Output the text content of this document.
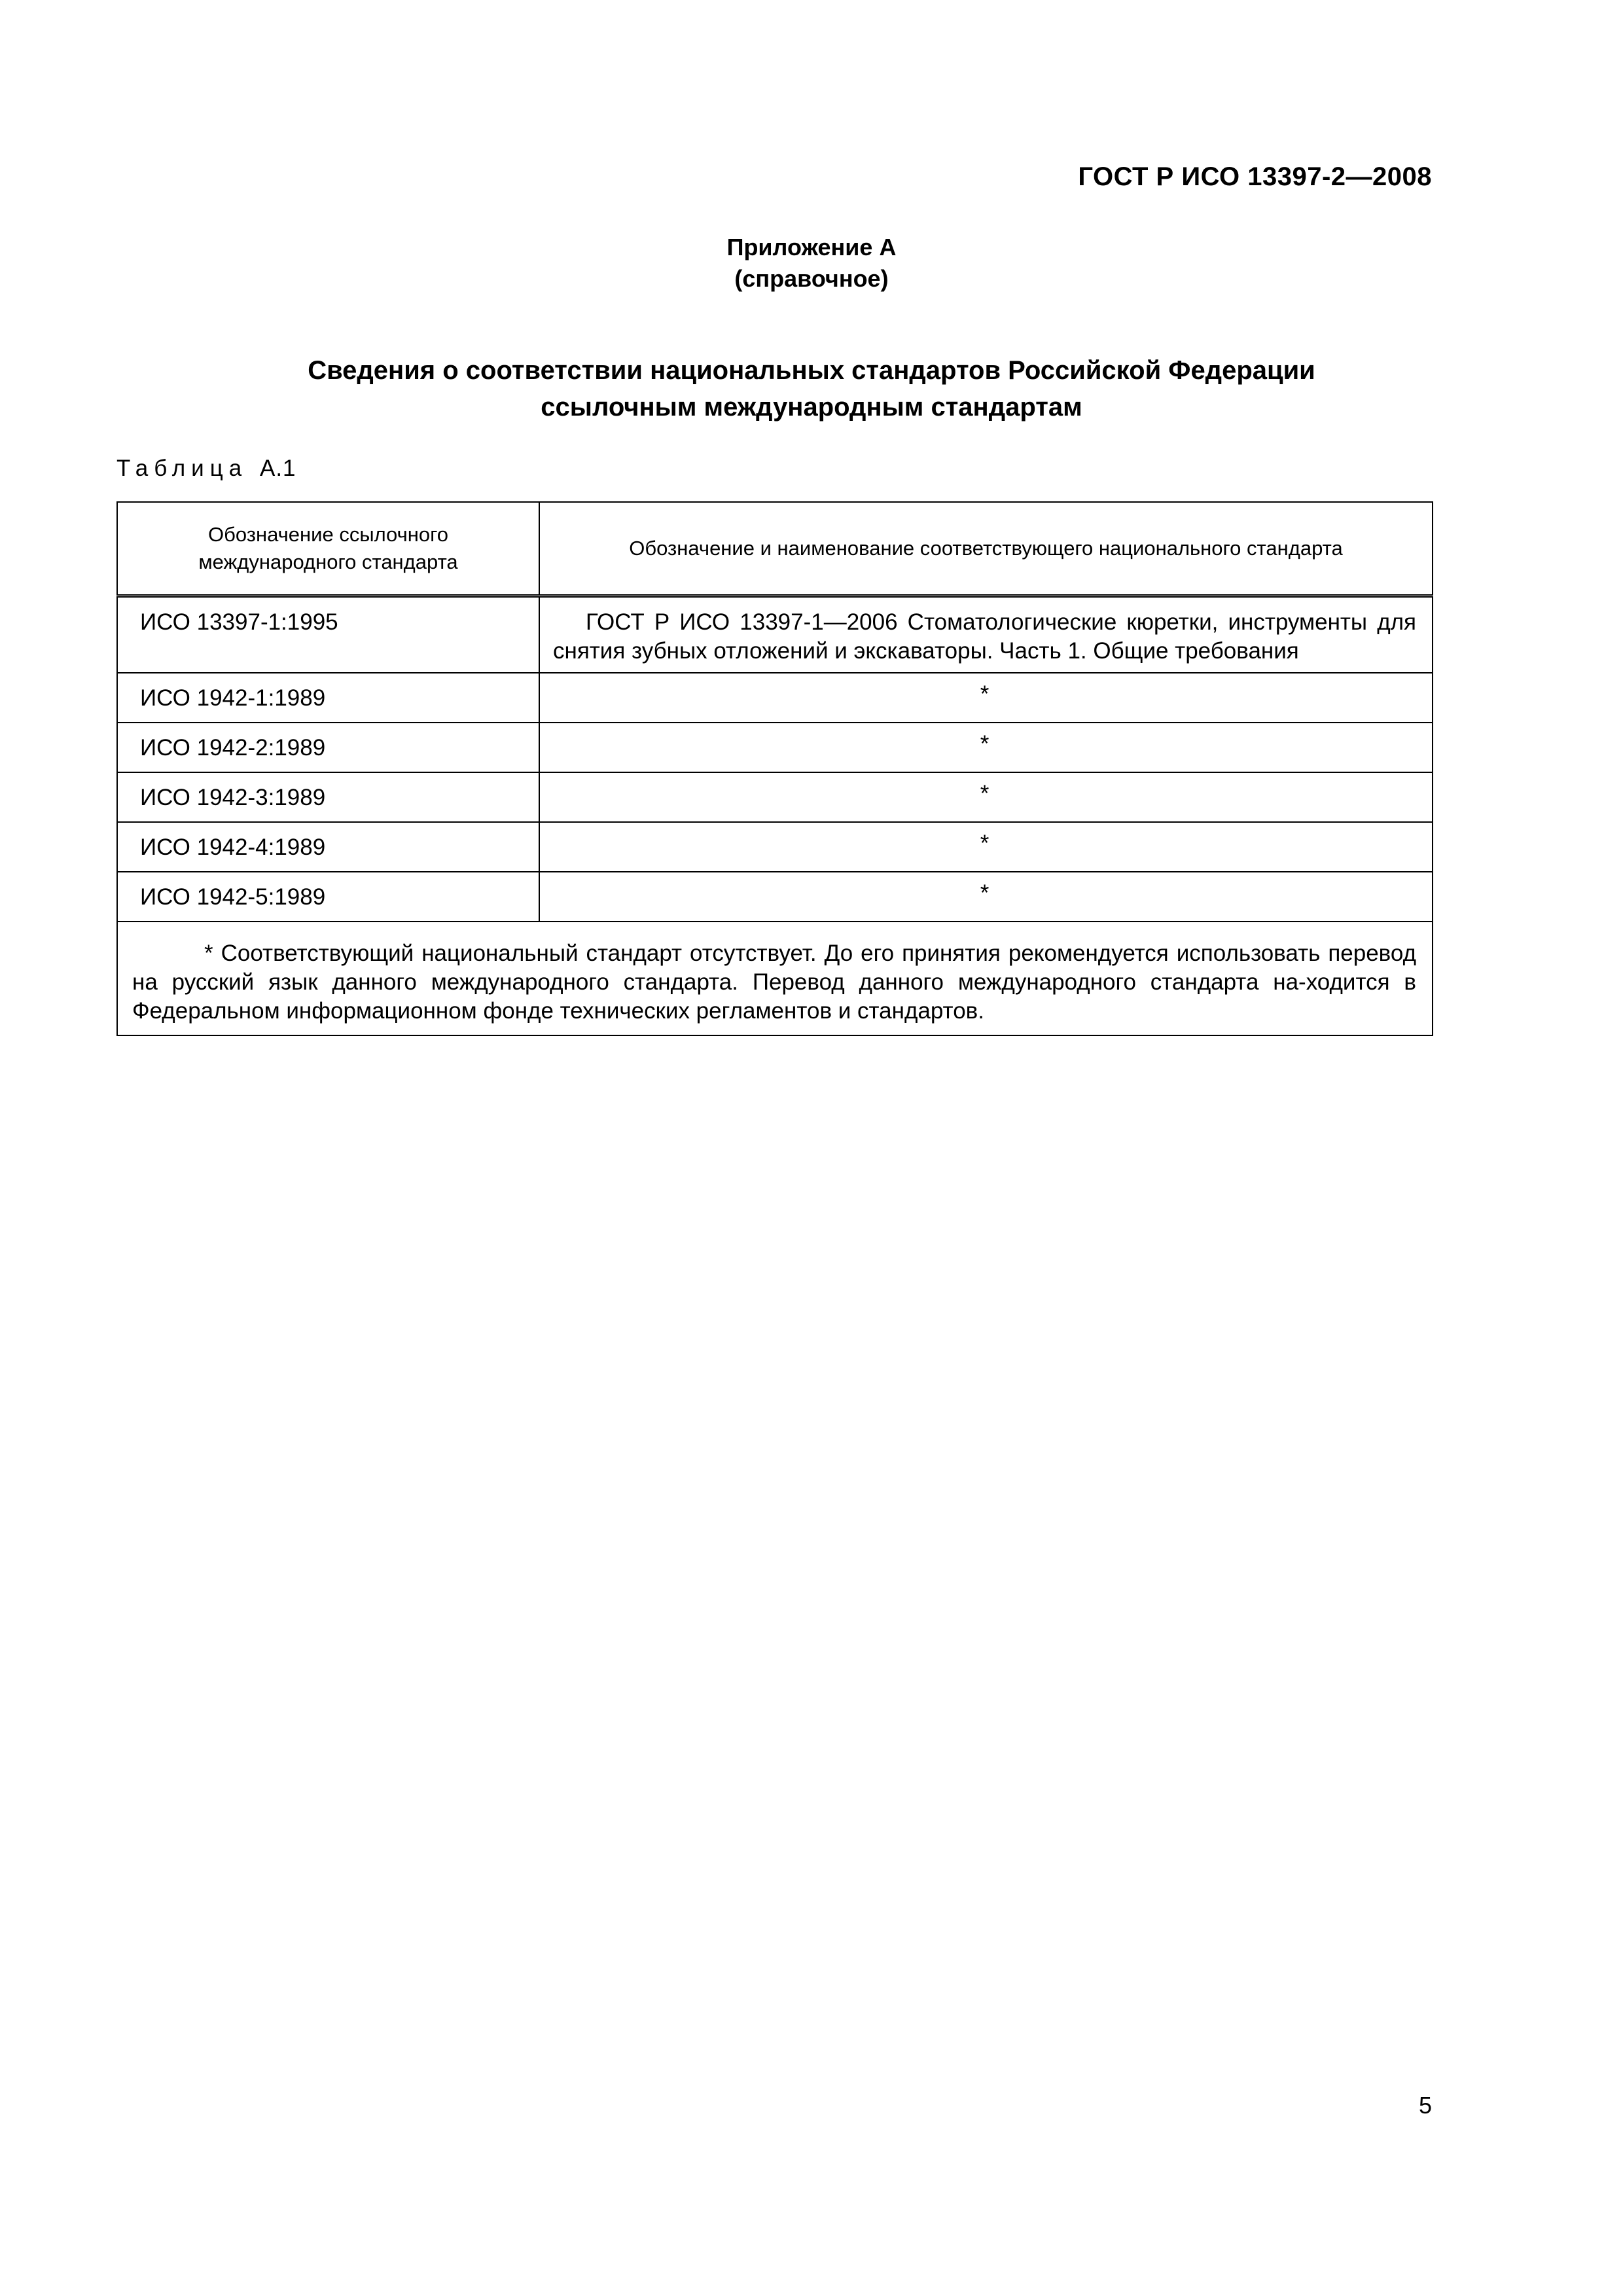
ГОСТ Р ИСО 13397-2—2008
Приложение А
(справочное)
Сведения о соответствии национальных стандартов Российской Федерации
ссылочным международным стандартам
Таблица А.1
Обозначение ссылочного
международного стандарта	Обозначение и наименование соответствующего национального стандарта

ИСО 13397-1:1995	ГОСТ Р ИСО 13397-1—2006 Стоматологические кюретки, инструменты для снятия зубных отложений и экскаваторы. Часть 1. Общие требования
ИСО 1942-1:1989	*
ИСО 1942-2:1989	*
ИСО 1942-3:1989	*
ИСО 1942-4:1989	*
ИСО 1942-5:1989	*

* Соответствующий национальный стандарт отсутствует. До его принятия рекомендуется использовать перевод на русский язык данного международного стандарта. Перевод данного международного стандарта на-ходится в Федеральном информационном фонде технических регламентов и стандартов.	
5
